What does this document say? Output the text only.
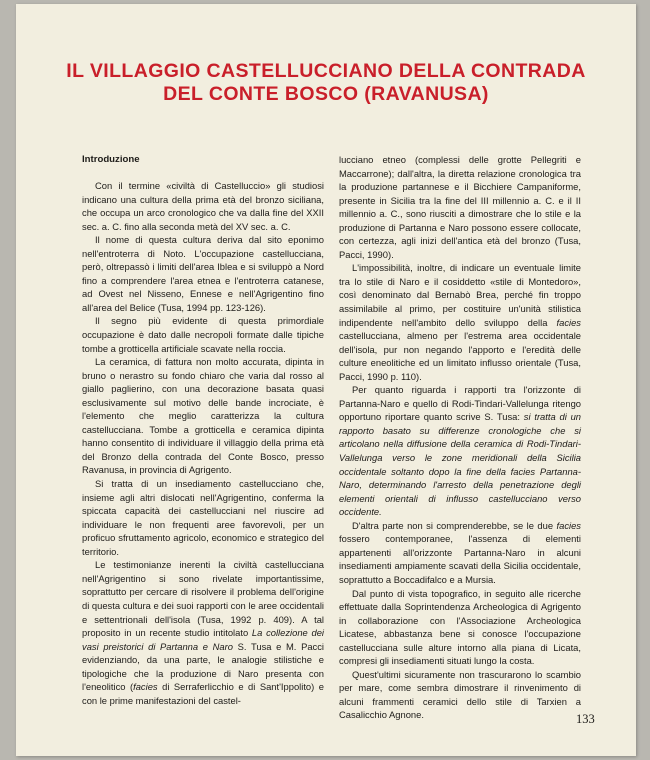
IL VILLAGGIO CASTELLUCCIANO DELLA CONTRADA
DEL CONTE BOSCO (RAVANUSA)
Introduzione

Con il termine «civiltà di Castelluccio» gli studiosi indicano una cultura della prima età del bronzo siciliana, che occupa un arco cronologico che va dalla fine del XXII sec. a. C. fino alla seconda metà del XV sec. a. C.

Il nome di questa cultura deriva dal sito eponimo nell'entroterra di Noto. L'occupazione castellucciana, però, oltrepassò i limiti dell'area Iblea e si sviluppò a Nord fino a comprendere l'area etnea e l'entroterra catanese, ad Ovest nel Nisseno, Ennese e nell'Agrigentino fino all'area del Belice (Tusa, 1994 pp. 123-126).

Il segno più evidente di questa primordiale occupazione è dato dalle necropoli formate dalle tipiche tombe a grotticella artificiale scavate nella roccia.

La ceramica, di fattura non molto accurata, dipinta in bruno o nerastro su fondo chiaro che varia dal rosso al giallo paglierino, con una decorazione basata quasi esclusivamente sul motivo delle bande incrociate, è l'elemento che meglio caratterizza la cultura castellucciana. Tombe a grotticella e ceramica dipinta hanno consentito di individuare il villaggio della prima età del Bronzo della contrada del Conte Bosco, presso Ravanusa, in provincia di Agrigento.

Si tratta di un insediamento castellucciano che, insieme agli altri dislocati nell'Agrigentino, conferma la spiccata capacità dei castellucciani nel riuscire ad individuare le non frequenti aree favorevoli, per un proficuo sfruttamento agricolo, economico e strategico del territorio.

Le testimonianze inerenti la civiltà castellucciana nell'Agrigentino si sono rivelate importantissime, soprattutto per cercare di risolvere il problema dell'origine di questa cultura e dei suoi rapporti con le aree occidentali e settentrionali dell'isola (Tusa, 1992 p. 409). A tal proposito in un recente studio intitolato La collezione dei vasi preistorici di Partanna e Naro S. Tusa e M. Pacci evidenziando, da una parte, le analogie stilistiche e tipologiche che la produzione di Naro presenta con l'eneolitico (facies di Serraferlicchio e di Sant'Ippolito) e con le prime manifestazioni del castel-

lucciano etneo (complessi delle grotte Pellegriti e Maccarrone); dall'altra, la diretta relazione cronologica tra la produzione partannese e il Bicchiere Campaniforme, presente in Sicilia tra la fine del III millennio a. C. e il II millennio a. C., sono riusciti a dimostrare che lo stile e la produzione di Partanna e Naro possono essere collocate, con certezza, agli inizi dell'antica età del bronzo (Tusa, Pacci, 1990).

L'impossibilità, inoltre, di indicare un eventuale limite tra lo stile di Naro e il cosiddetto «stile di Montedoro», così denominato dal Bernabò Brea, perché fin troppo assimilabile al primo, per costituire un'unità stilistica indipendente nell'ambito dello sviluppo della facies castellucciana, almeno per l'estrema area occidentale dell'isola, pur non negando l'apporto e l'eredità delle culture eneolitiche ed un limitato influsso orientale (Tusa, Pacci, 1990 p. 110).

Per quanto riguarda i rapporti tra l'orizzonte di Partanna-Naro e quello di Rodi-Tindari-Vallelunga ritengo opportuno riportare quanto scrive S. Tusa: si tratta di un rapporto basato su differenze cronologiche che si articolano nella diffusione della ceramica di Rodi-Tindari-Vallelunga verso le zone meridionali della Sicilia occidentale soltanto dopo la fine della facies Partanna-Naro, determinando l'arresto della penetrazione degli elementi orientali di influsso castellucciano verso occidente.

D'altra parte non si comprenderebbe, se le due facies fossero contemporanee, l'assenza di elementi appartenenti all'orizzonte Partanna-Naro in alcuni insediamenti ampiamente scavati della Sicilia occidentale, soprattutto a Boccadifalco e a Mursia.

Dal punto di vista topografico, in seguito alle ricerche effettuate dalla Soprintendenza Archeologica di Agrigento in collaborazione con l'Associazione Archeologica Licatese, abbastanza bene si conosce l'occupazione castellucciana sulle alture intorno alla piana di Licata, compresi gli insediamenti situati lungo la costa.

Quest'ultimi sicuramente non trascurarono lo scambio per mare, come sembra dimostrare il rinvenimento di alcuni frammenti ceramici dello stile di Tarxien a Casalicchio Agnone.	133
